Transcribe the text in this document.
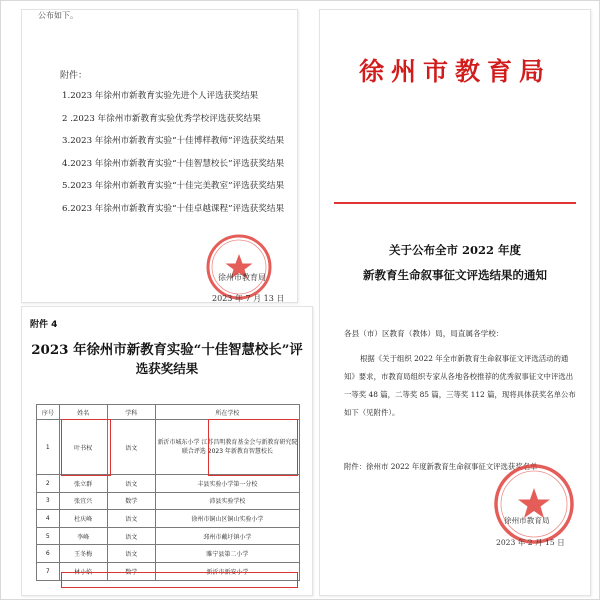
公布如下。
附件：
1.2023 年徐州市新教育实验先进个人评选获奖结果
2 .2023 年徐州市新教育实验优秀学校评选获奖结果
3.2023 年徐州市新教育实验“十佳博样教师”评选获奖结果
4.2023 年徐州市新教育实验“十佳智慧校长”评选获奖结果
5.2023 年徐州市新教育实验“十佳完美教室”评选获奖结果
6.2023 年徐州市新教育实验“十佳卓越课程”评选获奖结果
徐州市教育局
2023 年 7 月 13 日
附件 4
2023 年徐州市新教育实验“十佳智慧校长”评
选获奖结果
序号	姓名	学科	所在学校
1	叶书权	语文	新沂市城东小学 江苏昌明教育基金会与新教育研究院联合评选 2023 年新教育智慧校长
2	张立群	语文	丰县实验小学第一分校
3	张宜兴	数学	沛县实验学校
4	杜庆峰	语文	徐州市铜山区铜山实验小学
5	李峰	语文	邳州市戴圩镇小学
6	王冬梅	语文	睢宁县第二小学
7	林小焰	数学	新沂市新安小学
徐州市教育局
关于公布全市 2022 年度
新教育生命叙事征文评选结果的通知
各县（市）区教育（教体）局，局直属各学校：
根据《关于组织 2022 年全市新教育生命叙事征文评选活动的通知》要求，市教育局组织专家从各地各校推荐的优秀叙事征文中评选出一等奖 48 篇，二等奖 85 篇，三等奖 112 篇，现将具体获奖名单公布如下（见附件）。
附件：徐州市 2022 年度新教育生命叙事征文评选获奖名单
徐州市教育局
2023 年 2 月 15 日
